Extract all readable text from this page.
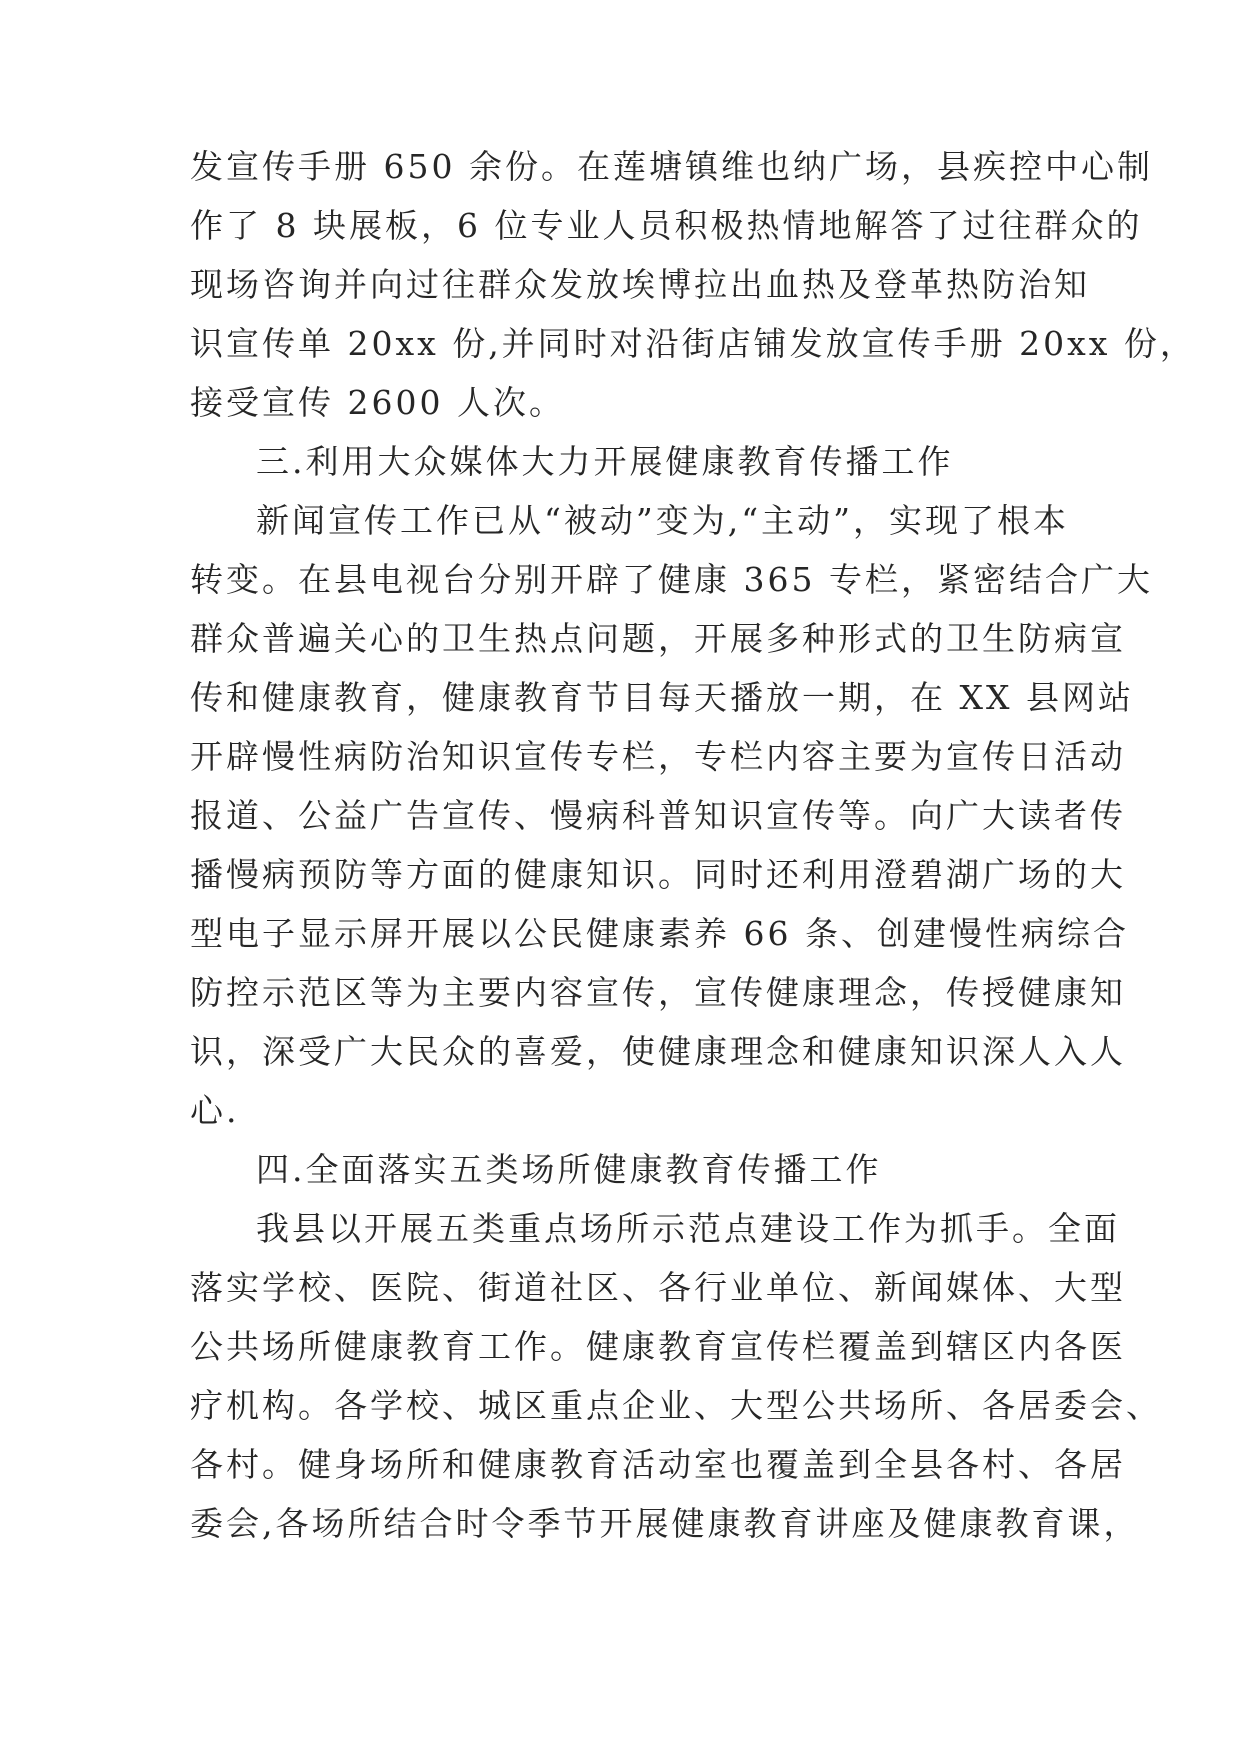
发宣传手册 650 余份。在莲塘镇维也纳广场，县疾控中心制
作了 8 块展板，6 位专业人员积极热情地解答了过往群众的
现场咨询并向过往群众发放埃博拉出血热及登革热防治知
识宣传单 20xx 份,并同时对沿街店铺发放宣传手册 20xx 份，
接受宣传 2600 人次。
三.利用大众媒体大力开展健康教育传播工作
新闻宣传工作已从“被动”变为,“主动”，实现了根本
转变。在县电视台分别开辟了健康 365 专栏，紧密结合广大
群众普遍关心的卫生热点问题，开展多种形式的卫生防病宣
传和健康教育，健康教育节目每天播放一期，在 XX 县网站
开辟慢性病防治知识宣传专栏，专栏内容主要为宣传日活动
报道、公益广告宣传、慢病科普知识宣传等。向广大读者传
播慢病预防等方面的健康知识。同时还利用澄碧湖广场的大
型电子显示屏开展以公民健康素养 66 条、创建慢性病综合
防控示范区等为主要内容宣传，宣传健康理念，传授健康知
识，深受广大民众的喜爱，使健康理念和健康知识深人入人
心.
四.全面落实五类场所健康教育传播工作
我县以开展五类重点场所示范点建设工作为抓手。全面
落实学校、医院、街道社区、各行业单位、新闻媒体、大型
公共场所健康教育工作。健康教育宣传栏覆盖到辖区内各医
疗机构。各学校、城区重点企业、大型公共场所、各居委会、
各村。健身场所和健康教育活动室也覆盖到全县各村、各居
委会,各场所结合时令季节开展健康教育讲座及健康教育课，
